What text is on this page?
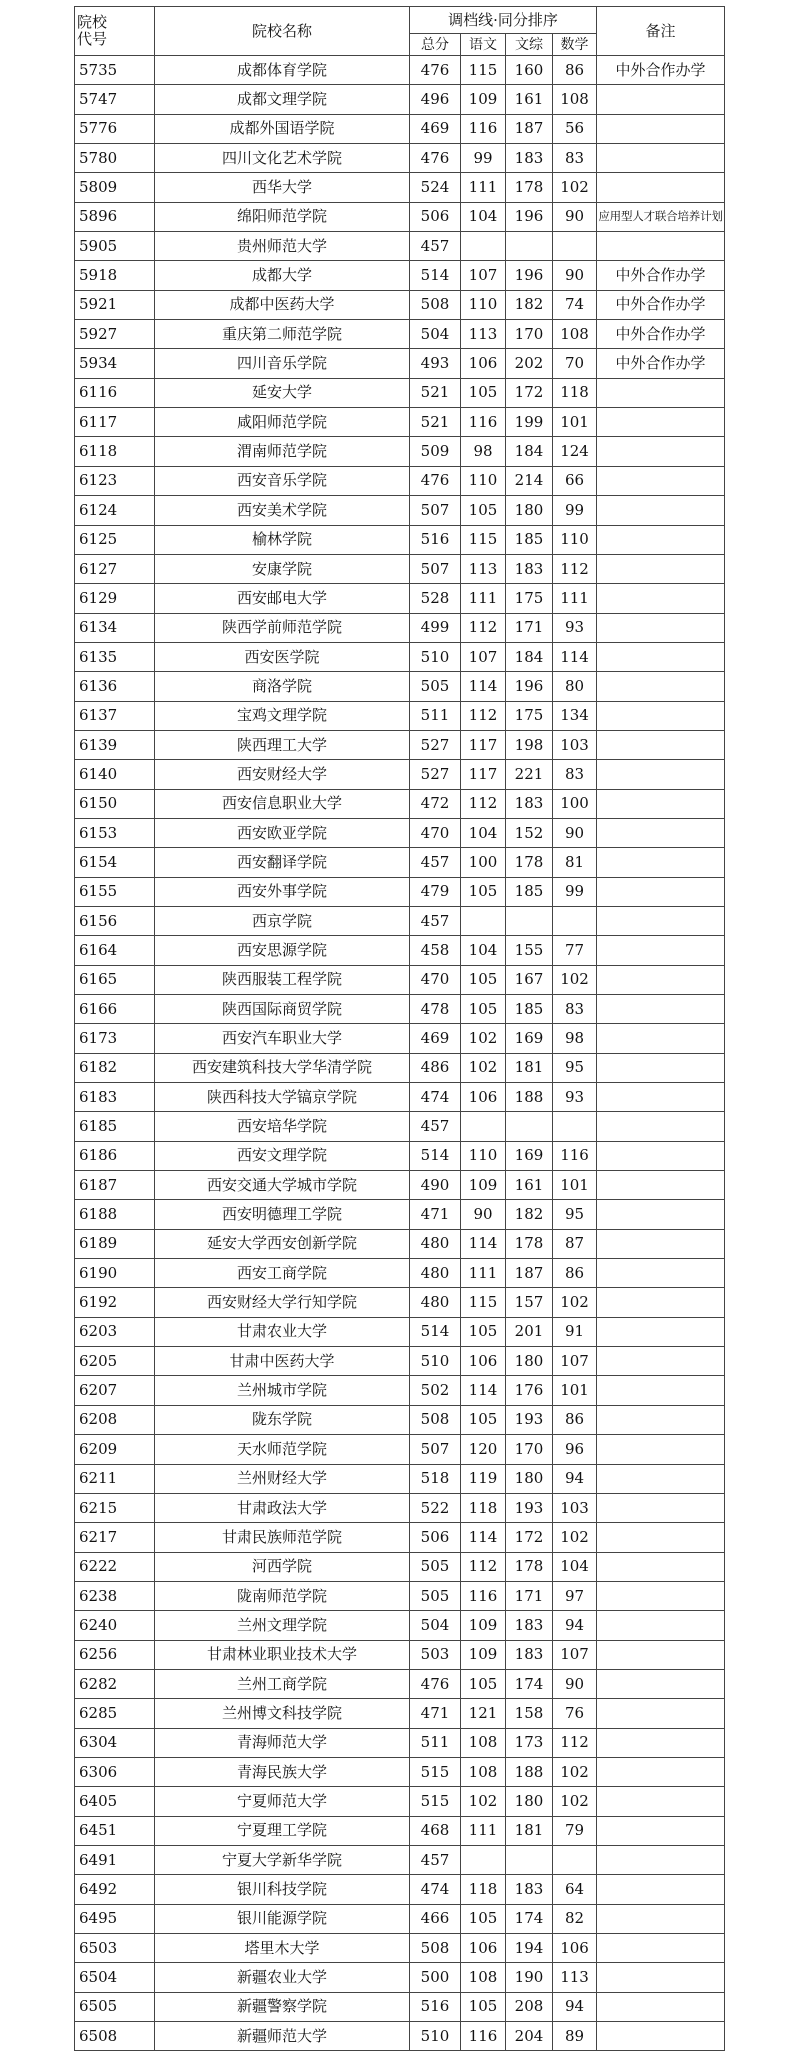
院校
代号	院校名称	调档线·同分排序				备注
		总分	语文	文综	数学	
5735	成都体育学院	476	115	160	86	中外合作办学
5747	成都文理学院	496	109	161	108	
5776	成都外国语学院	469	116	187	56	
5780	四川文化艺术学院	476	99	183	83	
5809	西华大学	524	111	178	102	
5896	绵阳师范学院	506	104	196	90	应用型人才联合培养计划
5905	贵州师范大学	457				
5918	成都大学	514	107	196	90	中外合作办学
5921	成都中医药大学	508	110	182	74	中外合作办学
5927	重庆第二师范学院	504	113	170	108	中外合作办学
5934	四川音乐学院	493	106	202	70	中外合作办学
6116	延安大学	521	105	172	118	
6117	咸阳师范学院	521	116	199	101	
6118	渭南师范学院	509	98	184	124	
6123	西安音乐学院	476	110	214	66	
6124	西安美术学院	507	105	180	99	
6125	榆林学院	516	115	185	110	
6127	安康学院	507	113	183	112	
6129	西安邮电大学	528	111	175	111	
6134	陕西学前师范学院	499	112	171	93	
6135	西安医学院	510	107	184	114	
6136	商洛学院	505	114	196	80	
6137	宝鸡文理学院	511	112	175	134	
6139	陕西理工大学	527	117	198	103	
6140	西安财经大学	527	117	221	83	
6150	西安信息职业大学	472	112	183	100	
6153	西安欧亚学院	470	104	152	90	
6154	西安翻译学院	457	100	178	81	
6155	西安外事学院	479	105	185	99	
6156	西京学院	457				
6164	西安思源学院	458	104	155	77	
6165	陕西服装工程学院	470	105	167	102	
6166	陕西国际商贸学院	478	105	185	83	
6173	西安汽车职业大学	469	102	169	98	
6182	西安建筑科技大学华清学院	486	102	181	95	
6183	陕西科技大学镐京学院	474	106	188	93	
6185	西安培华学院	457				
6186	西安文理学院	514	110	169	116	
6187	西安交通大学城市学院	490	109	161	101	
6188	西安明德理工学院	471	90	182	95	
6189	延安大学西安创新学院	480	114	178	87	
6190	西安工商学院	480	111	187	86	
6192	西安财经大学行知学院	480	115	157	102	
6203	甘肃农业大学	514	105	201	91	
6205	甘肃中医药大学	510	106	180	107	
6207	兰州城市学院	502	114	176	101	
6208	陇东学院	508	105	193	86	
6209	天水师范学院	507	120	170	96	
6211	兰州财经大学	518	119	180	94	
6215	甘肃政法大学	522	118	193	103	
6217	甘肃民族师范学院	506	114	172	102	
6222	河西学院	505	112	178	104	
6238	陇南师范学院	505	116	171	97	
6240	兰州文理学院	504	109	183	94	
6256	甘肃林业职业技术大学	503	109	183	107	
6282	兰州工商学院	476	105	174	90	
6285	兰州博文科技学院	471	121	158	76	
6304	青海师范大学	511	108	173	112	
6306	青海民族大学	515	108	188	102	
6405	宁夏师范大学	515	102	180	102	
6451	宁夏理工学院	468	111	181	79	
6491	宁夏大学新华学院	457				
6492	银川科技学院	474	118	183	64	
6495	银川能源学院	466	105	174	82	
6503	塔里木大学	508	106	194	106	
6504	新疆农业大学	500	108	190	113	
6505	新疆警察学院	516	105	208	94	
6508	新疆师范大学	510	116	204	89	
